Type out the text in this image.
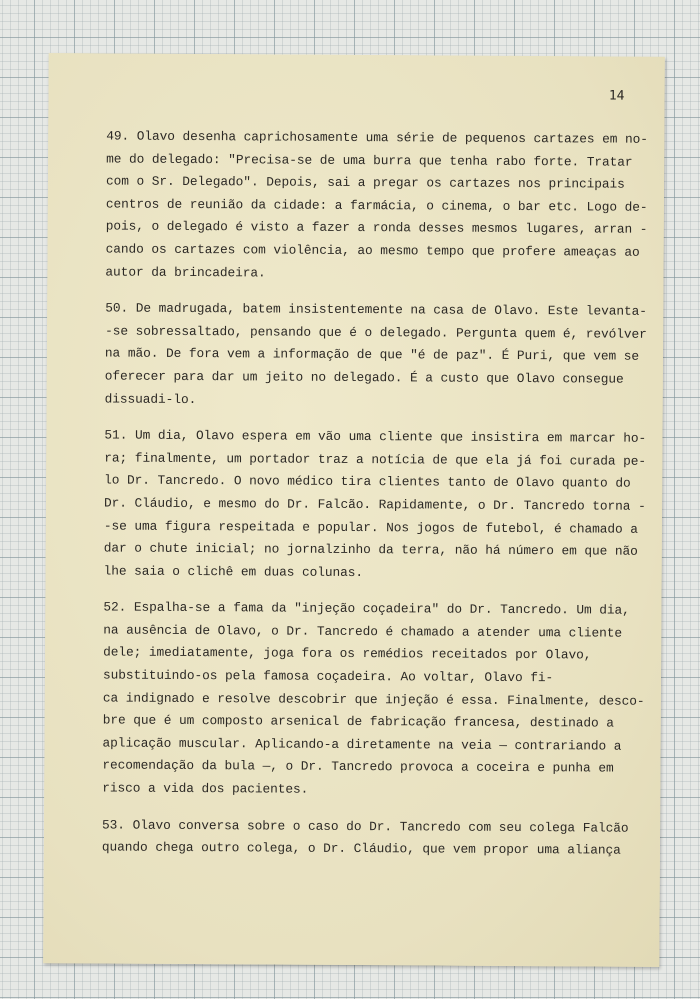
14
49. Olavo desenha caprichosamente uma série de pequenos cartazes em no-
me do delegado: "Precisa-se de uma burra que tenha rabo forte. Tratar
com o Sr. Delegado". Depois, sai a pregar os cartazes nos principais
centros de reunião da cidade: a farmácia, o cinema, o bar etc. Logo de-
pois, o delegado é visto a fazer a ronda desses mesmos lugares, arran -
cando os cartazes com violência, ao mesmo tempo que profere ameaças ao
autor da brincadeira.
50. De madrugada, batem insistentemente na casa de Olavo. Este levanta-
-se sobressaltado, pensando que é o delegado. Pergunta quem é, revólver
na mão. De fora vem a informação de que "é de paz". É Puri, que vem se
oferecer para dar um jeito no delegado. É a custo que Olavo consegue
dissuadi-lo.
51. Um dia, Olavo espera em vão uma cliente que insistira em marcar ho-
ra; finalmente, um portador traz a notícia de que ela já foi curada pe-
lo Dr. Tancredo. O novo médico tira clientes tanto de Olavo quanto do
Dr. Cláudio, e mesmo do Dr. Falcão. Rapidamente, o Dr. Tancredo torna -
-se uma figura respeitada e popular. Nos jogos de futebol, é chamado a
dar o chute inicial; no jornalzinho da terra, não há número em que não
lhe saia o clichê em duas colunas.
52. Espalha-se a fama da "injeção coçadeira" do Dr. Tancredo. Um dia,
na ausência de Olavo, o Dr. Tancredo é chamado a atender uma cliente
dele; imediatamente, joga fora os remédios receitados por Olavo,
substituindo-os pela famosa coçadeira. Ao voltar, Olavo fi-
ca indignado e resolve descobrir que injeção é essa. Finalmente, desco-
bre que é um composto arsenical de fabricação francesa, destinado a
aplicação muscular. Aplicando-a diretamente na veia — contrariando a
recomendação da bula —, o Dr. Tancredo provoca a coceira e punha em
risco a vida dos pacientes.
53. Olavo conversa sobre o caso do Dr. Tancredo com seu colega Falcão
quando chega outro colega, o Dr. Cláudio, que vem propor uma aliança
